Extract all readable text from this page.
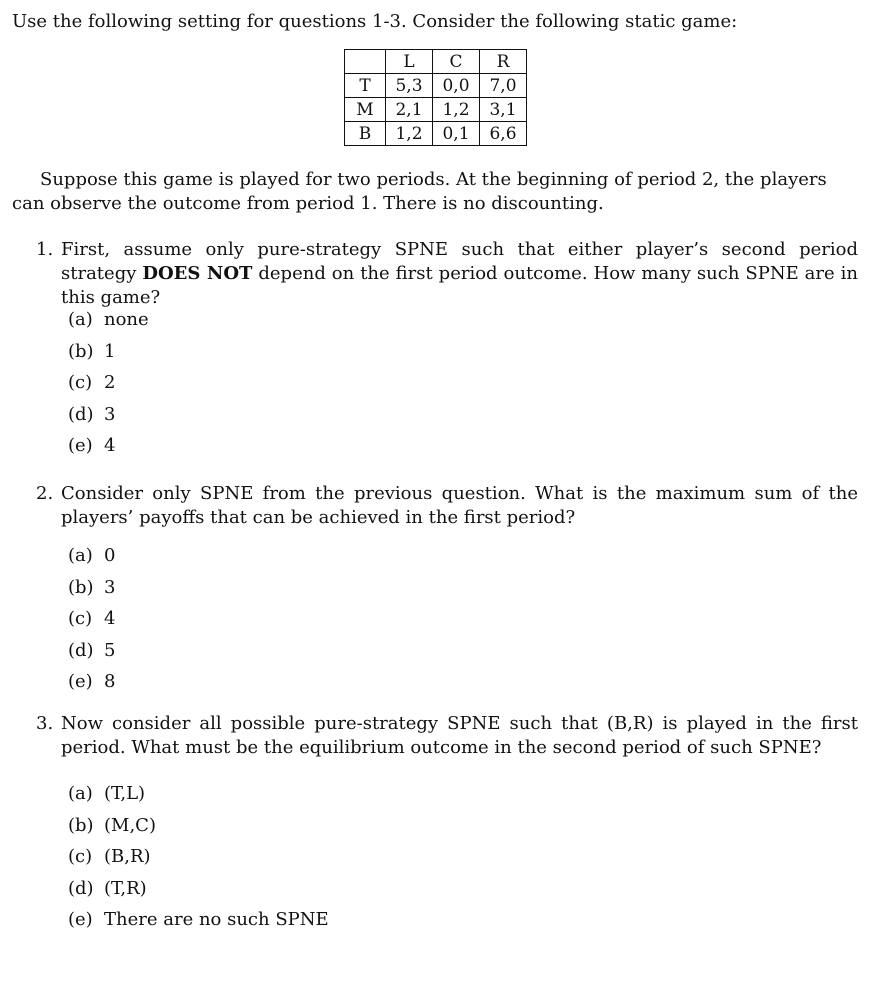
Use the following setting for questions 1-3. Consider the following static game:
	L	C	R
T	5,3	0,0	7,0
M	2,1	1,2	3,1
B	1,2	0,1	6,6
Suppose this game is played for two periods. At the beginning of period 2, the players can observe the outcome from period 1. There is no discounting.
1. First, assume only pure-strategy SPNE such that either player’s second period strategy DOES NOT depend on the first period outcome. How many such SPNE are in this game?
(a) none
(b) 1
(c) 2
(d) 3
(e) 4
2. Consider only SPNE from the previous question. What is the maximum sum of the players’ payoffs that can be achieved in the first period?
(a) 0
(b) 3
(c) 4
(d) 5
(e) 8
3. Now consider all possible pure-strategy SPNE such that (B,R) is played in the first period. What must be the equilibrium outcome in the second period of such SPNE?
(a) (T,L)
(b) (M,C)
(c) (B,R)
(d) (T,R)
(e) There are no such SPNE
